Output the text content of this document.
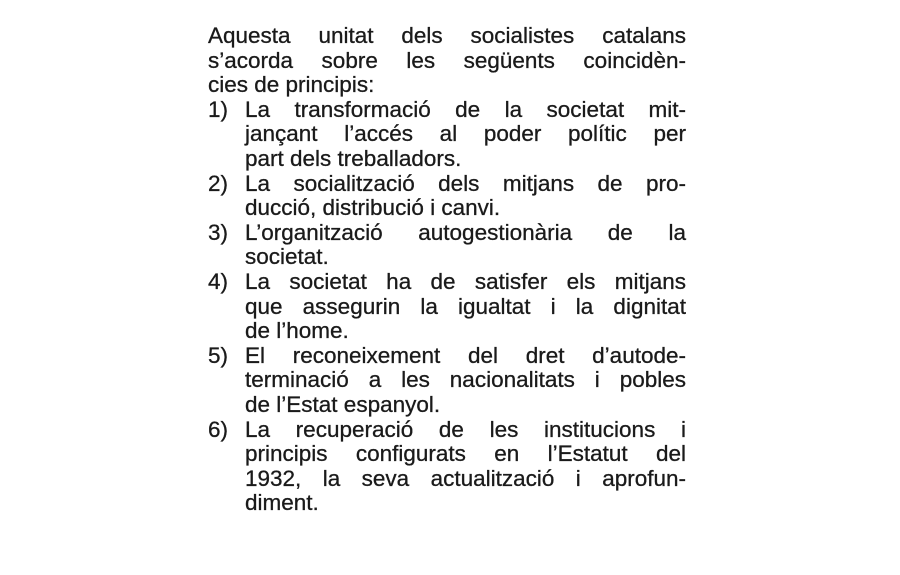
Aquesta unitat dels socialistes catalans
s’acorda sobre les següents coincidèn-
cies de principis:
1) La transformació de la societat mit-
jançant l’accés al poder polític per
part dels treballadors.
2) La socialització dels mitjans de pro-
ducció, distribució i canvi.
3) L’organització autogestionària de la
societat.
4) La societat ha de satisfer els mitjans
que assegurin la igualtat i la dignitat
de l’home.
5) El reconeixement del dret d’autode-
terminació a les nacionalitats i pobles
de l’Estat espanyol.
6) La recuperació de les institucions i
principis configurats en l’Estatut del
1932, la seva actualització i aprofun-
diment.
